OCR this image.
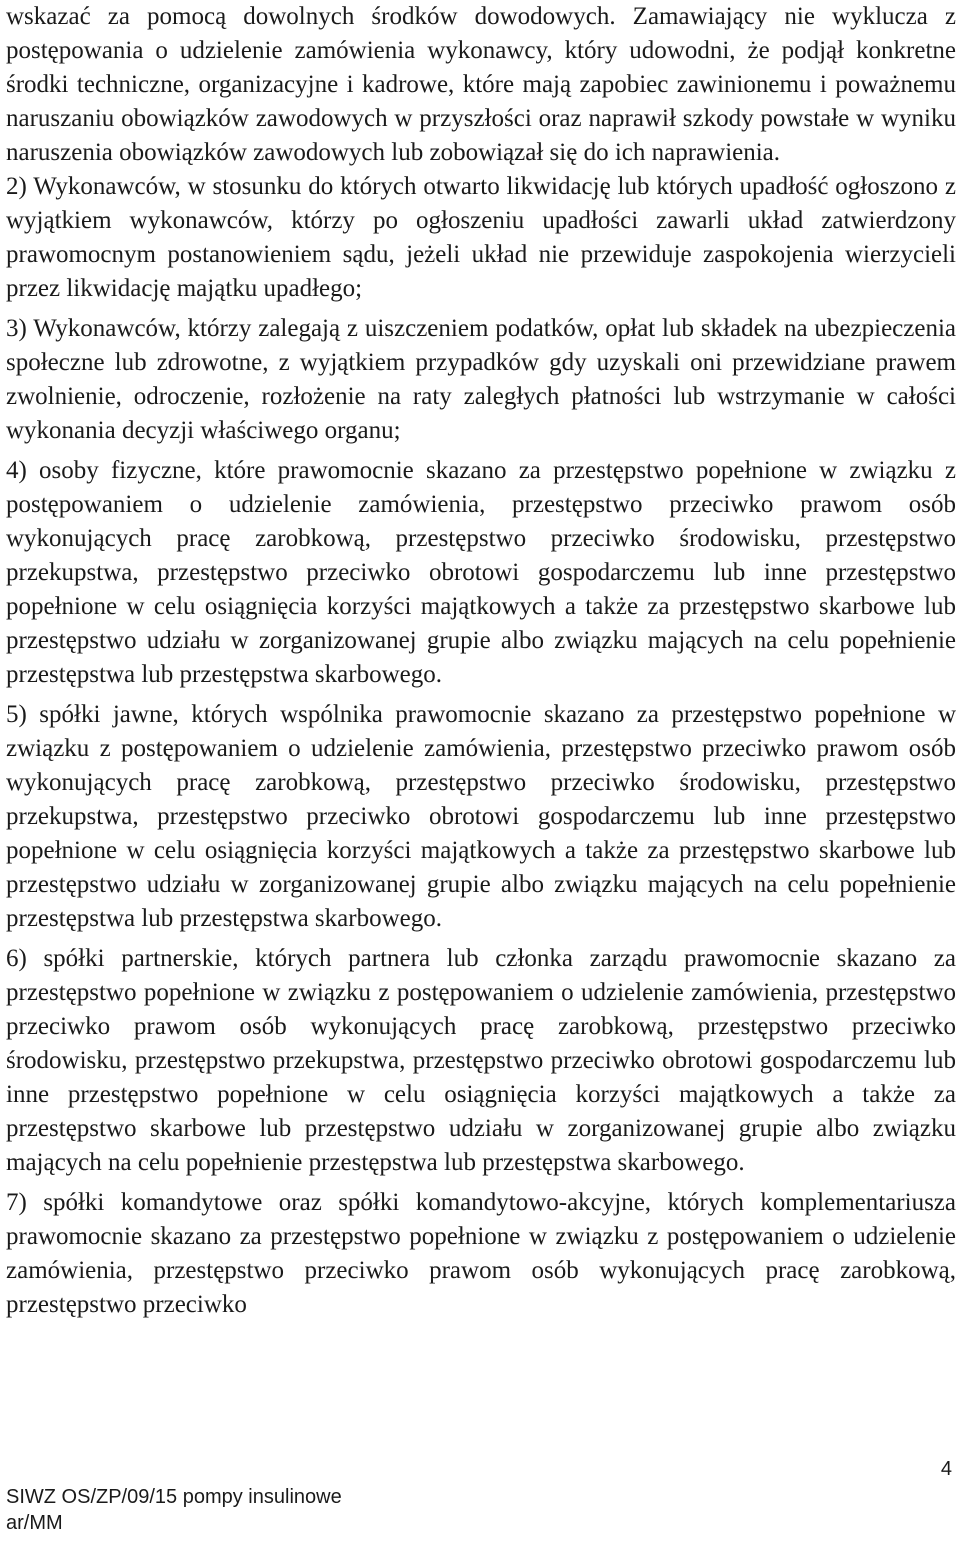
wskazać za pomocą dowolnych środków dowodowych. Zamawiający nie wyklucza z postępowania o udzielenie zamówienia wykonawcy, który udowodni, że podjął konkretne środki techniczne, organizacyjne i kadrowe, które mają zapobiec zawinionemu i poważnemu naruszaniu obowiązków zawodowych w przyszłości oraz naprawił szkody powstałe w wyniku naruszenia obowiązków zawodowych lub zobowiązał się do ich naprawienia.

2) Wykonawców, w stosunku do których otwarto likwidację lub których upadłość ogłoszono z wyjątkiem wykonawców, którzy po ogłoszeniu upadłości zawarli układ zatwierdzony prawomocnym postanowieniem sądu, jeżeli układ nie przewiduje zaspokojenia wierzycieli przez likwidację majątku upadłego;

3) Wykonawców, którzy zalegają z uiszczeniem podatków, opłat lub składek na ubezpieczenia społeczne lub zdrowotne, z wyjątkiem przypadków gdy uzyskali oni przewidziane prawem zwolnienie, odroczenie, rozłożenie na raty zaległych płatności lub wstrzymanie w całości wykonania decyzji właściwego organu;

4) osoby fizyczne, które prawomocnie skazano za przestępstwo popełnione w związku z postępowaniem o udzielenie zamówienia, przestępstwo przeciwko prawom osób wykonujących pracę zarobkową, przestępstwo przeciwko środowisku, przestępstwo przekupstwa, przestępstwo przeciwko obrotowi gospodarczemu lub inne przestępstwo popełnione w celu osiągnięcia korzyści majątkowych a także za przestępstwo skarbowe lub przestępstwo udziału w zorganizowanej grupie albo związku mających na celu popełnienie przestępstwa lub przestępstwa skarbowego.

5) spółki jawne, których wspólnika prawomocnie skazano za przestępstwo popełnione w związku z postępowaniem o udzielenie zamówienia, przestępstwo przeciwko prawom osób wykonujących pracę zarobkową, przestępstwo przeciwko środowisku, przestępstwo przekupstwa, przestępstwo przeciwko obrotowi gospodarczemu lub inne przestępstwo popełnione w celu osiągnięcia korzyści majątkowych a także za przestępstwo skarbowe lub przestępstwo udziału w zorganizowanej grupie albo związku mających na celu popełnienie przestępstwa lub przestępstwa skarbowego.

6) spółki partnerskie, których partnera lub członka zarządu prawomocnie skazano za przestępstwo popełnione w związku z postępowaniem o udzielenie zamówienia, przestępstwo przeciwko prawom osób wykonujących pracę zarobkową, przestępstwo przeciwko środowisku, przestępstwo przekupstwa, przestępstwo przeciwko obrotowi gospodarczemu lub inne przestępstwo popełnione w celu osiągnięcia korzyści majątkowych a także za przestępstwo skarbowe lub przestępstwo udziału w zorganizowanej grupie albo związku mających na celu popełnienie przestępstwa lub przestępstwa skarbowego.

7) spółki komandytowe oraz spółki komandytowo-akcyjne, których komplementariusza prawomocnie skazano za przestępstwo popełnione w związku z postępowaniem o udzielenie zamówienia, przestępstwo przeciwko prawom osób wykonujących pracę zarobkową, przestępstwo przeciwko

4
SIWZ OS/ZP/09/15 pompy insulinowe
ar/MM
